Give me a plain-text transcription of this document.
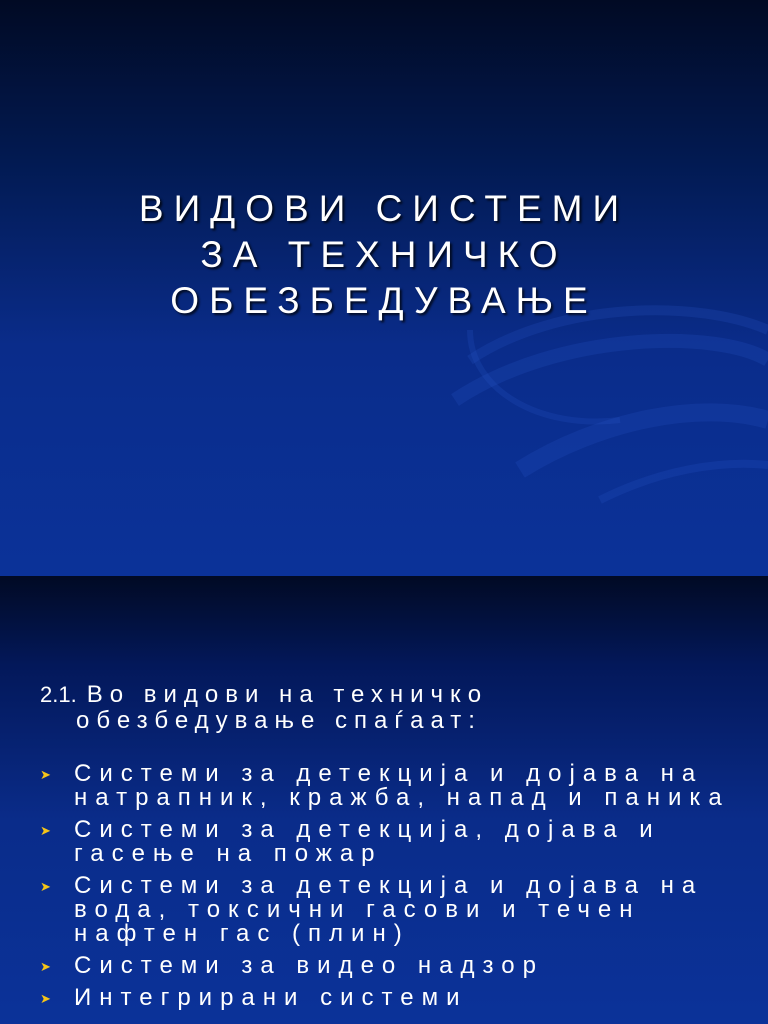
ВИДОВИ СИСТЕМИ
ЗА ТЕХНИЧКО
ОБЕЗБЕДУВАЊЕ

2.1. Во видови на техничко обезбедување спаѓаат:

➤ Системи за детекција и дојава на натрапник, кражба, напад и паника
➤ Системи за детекција, дојава и гасење на пожар
➤ Системи за детекција и дојава на вода, токсични гасови и течен нафтен гас (плин)
➤ Системи за видео надзор
➤ Интегрирани системи
